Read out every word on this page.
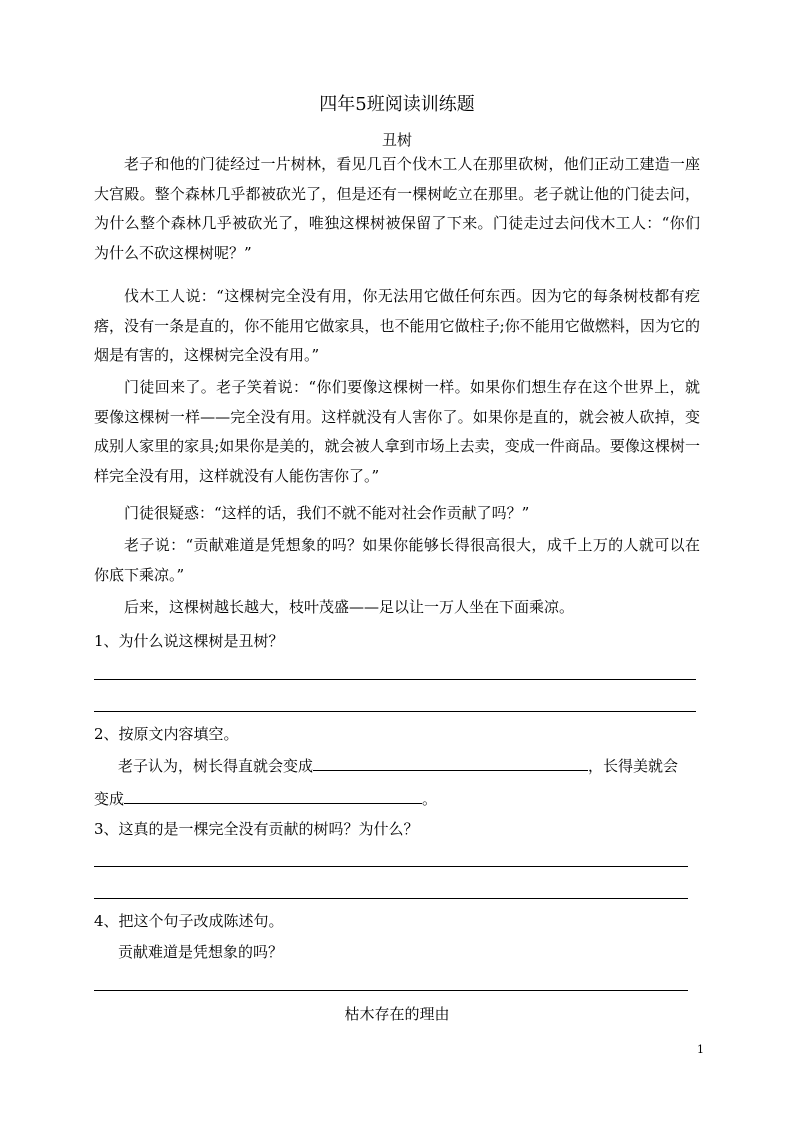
四年5班阅读训练题
丑树
老子和他的门徒经过一片树林，看见几百个伐木工人在那里砍树，他们正动工建造一座大宫殿。整个森林几乎都被砍光了，但是还有一棵树屹立在那里。老子就让他的门徒去问，为什么整个森林几乎被砍光了，唯独这棵树被保留了下来。门徒走过去问伐木工人：“你们为什么不砍这棵树呢？”
伐木工人说：“这棵树完全没有用，你无法用它做任何东西。因为它的每条树枝都有疙瘩，没有一条是直的，你不能用它做家具，也不能用它做柱子;你不能用它做燃料，因为它的烟是有害的，这棵树完全没有用。”
门徒回来了。老子笑着说：“你们要像这棵树一样。如果你们想生存在这个世界上，就要像这棵树一样——完全没有用。这样就没有人害你了。如果你是直的，就会被人砍掉，变成别人家里的家具;如果你是美的，就会被人拿到市场上去卖，变成一件商品。要像这棵树一样完全没有用，这样就没有人能伤害你了。”
门徒很疑惑：“这样的话，我们不就不能对社会作贡献了吗？”
老子说：“贡献难道是凭想象的吗？如果你能够长得很高很大，成千上万的人就可以在你底下乘凉。”
后来，这棵树越长越大，枝叶茂盛——足以让一万人坐在下面乘凉。
1、为什么说这棵树是丑树？
2、按原文内容填空。
老子认为，树长得直就会变成	，长得美就会
变成	。
3、这真的是一棵完全没有贡献的树吗？为什么？
4、把这个句子改成陈述句。
贡献难道是凭想象的吗？
枯木存在的理由
1
